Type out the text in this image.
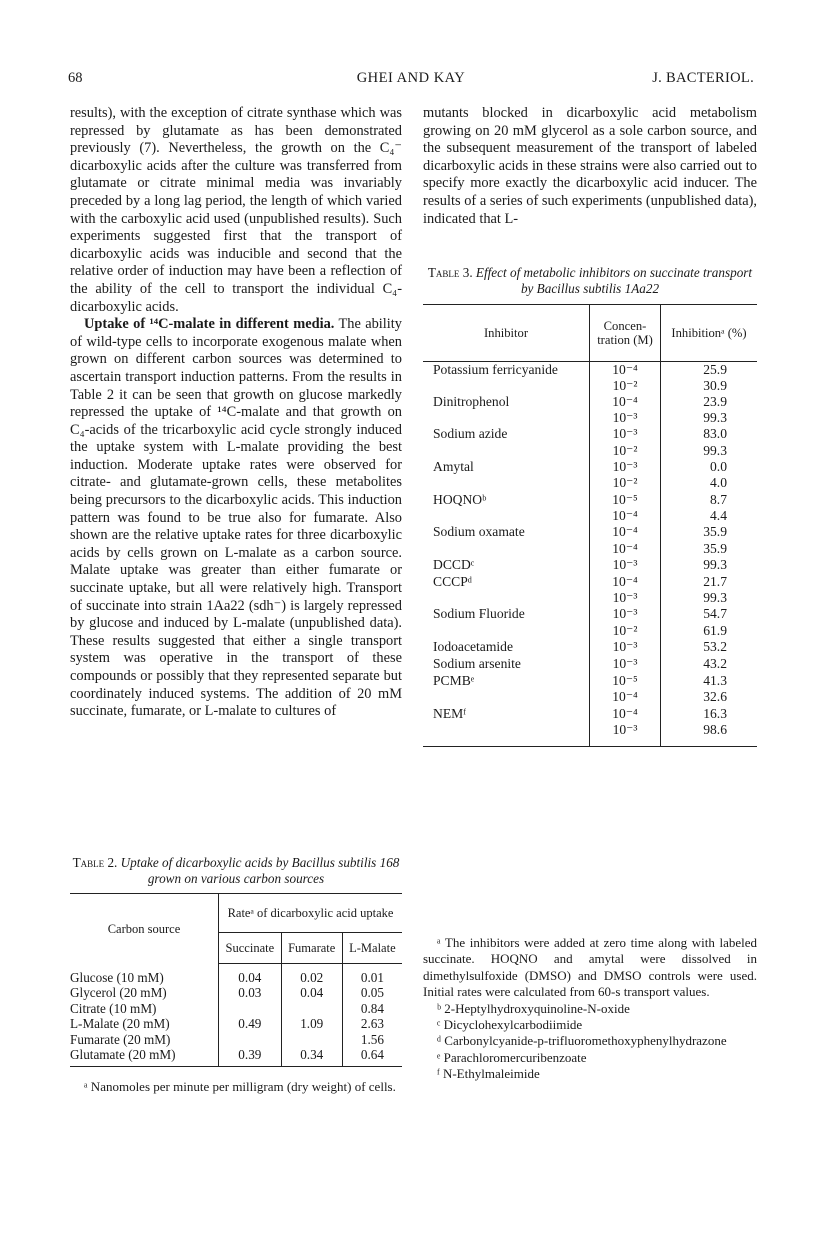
68	GHEI AND KAY	J. BACTERIOL.

results), with the exception of citrate synthase which was repressed by glutamate as has been demonstrated previously (7). Nevertheless, the growth on the C₄⁻ dicarboxylic acids after the culture was transferred from glutamate or citrate minimal media was invariably preceded by a long lag period, the length of which varied with the carboxylic acid used (unpublished results). Such experiments suggested first that the transport of dicarboxylic acids was inducible and second that the relative order of induction may have been a reflection of the ability of the cell to transport the individual C₄-dicarboxylic acids.

Uptake of ¹⁴C-malate in different media. The ability of wild-type cells to incorporate exogenous malate when grown on different carbon sources was determined to ascertain transport induction patterns. From the results in Table 2 it can be seen that growth on glucose markedly repressed the uptake of ¹⁴C-malate and that growth on C₄-acids of the tricarboxylic acid cycle strongly induced the uptake system with L-malate providing the best induction. Moderate uptake rates were observed for citrate- and glutamate-grown cells, these metabolites being precursors to the dicarboxylic acids. This induction pattern was found to be true also for fumarate. Also shown are the relative uptake rates for three dicarboxylic acids by cells grown on L-malate as a carbon source. Malate uptake was greater than either fumarate or succinate uptake, but all were relatively high. Transport of succinate into strain 1Aa22 (sdh⁻) is largely repressed by glucose and induced by L-malate (unpublished data). These results suggested that either a single transport system was operative in the transport of these compounds or possibly that they represented separate but coordinately induced systems. The addition of 20 mM succinate, fumarate, or L-malate to cultures of

Table 2. Uptake of dicarboxylic acids by Bacillus subtilis 168 grown on various carbon sources
Carbon source	Rateᵃ of dicarboxylic acid uptake		
	Succinate	Fumarate	L-Malate
Glucose (10 mM)	0.04	0.02	0.01
Glycerol (20 mM)	0.03	0.04	0.05
Citrate (10 mM)			0.84
L-Malate (20 mM)	0.49	1.09	2.63
Fumarate (20 mM)			1.56
Glutamate (20 mM)	0.39	0.34	0.64

ᵃ Nanomoles per minute per milligram (dry weight) of cells.

mutants blocked in dicarboxylic acid metabolism growing on 20 mM glycerol as a sole carbon source, and the subsequent measurement of the transport of labeled dicarboxylic acids in these strains were also carried out to specify more exactly the dicarboxylic acid inducer. The results of a series of such experiments (unpublished data), indicated that L-

Table 3. Effect of metabolic inhibitors on succinate transport by Bacillus subtilis 1Aa22
Inhibitor	Concen- tration (M)	Inhibitionᵃ (%)
Potassium ferricyanide	10⁻⁴	25.9
	10⁻²	30.9
Dinitrophenol	10⁻⁴	23.9
	10⁻³	99.3
Sodium azide	10⁻³	83.0
	10⁻²	99.3
Amytal	10⁻³	0.0
	10⁻²	4.0
HOQNOᵇ	10⁻⁵	8.7
	10⁻⁴	4.4
Sodium oxamate	10⁻⁴	35.9
	10⁻⁴	35.9
DCCDᶜ	10⁻³	99.3
CCCPᵈ	10⁻⁴	21.7
	10⁻³	99.3
Sodium Fluoride	10⁻³	54.7
	10⁻²	61.9
Iodoacetamide	10⁻³	53.2
Sodium arsenite	10⁻³	43.2
PCMBᵉ	10⁻⁵	41.3
	10⁻⁴	32.6
NEMᶠ	10⁻⁴	16.3
	10⁻³	98.6

ᵃ The inhibitors were added at zero time along with labeled succinate. HOQNO and amytal were dissolved in dimethylsulfoxide (DMSO) and DMSO controls were used. Initial rates were calculated from 60-s transport values.

ᵇ 2-Heptylhydroxyquinoline-N-oxide

ᶜ Dicyclohexylcarbodiimide

ᵈ Carbonylcyanide-p-trifluoromethoxyphenylhydrazone

ᵉ Parachloromercuribenzoate

ᶠ N-Ethylmaleimide
